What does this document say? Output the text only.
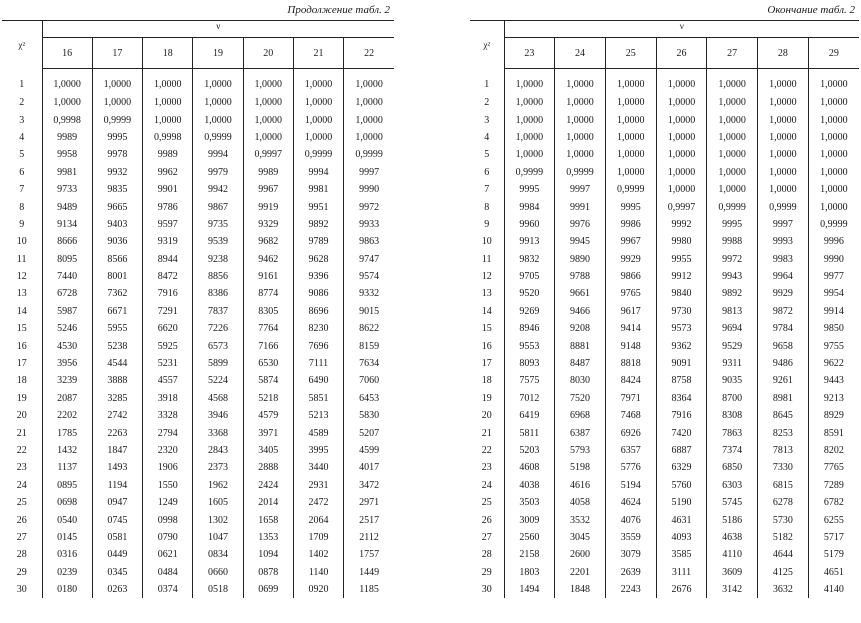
Продолжение табл. 2
χ²	ν						
	16	17	18	19	20	21	22
1	1,0000	1,0000	1,0000	1,0000	1,0000	1,0000	1,0000
2	1,0000	1,0000	1,0000	1,0000	1,0000	1,0000	1,0000
3	0,9998	0,9999	1,0000	1,0000	1,0000	1,0000	1,0000
4	9989	9995	0,9998	0,9999	1,0000	1,0000	1,0000
5	9958	9978	9989	9994	0,9997	0,9999	0,9999
6	9981	9932	9962	9979	9989	9994	9997
7	9733	9835	9901	9942	9967	9981	9990
8	9489	9665	9786	9867	9919	9951	9972
9	9134	9403	9597	9735	9329	9892	9933
10	8666	9036	9319	9539	9682	9789	9863
11	8095	8566	8944	9238	9462	9628	9747
12	7440	8001	8472	8856	9161	9396	9574
13	6728	7362	7916	8386	8774	9086	9332
14	5987	6671	7291	7837	8305	8696	9015
15	5246	5955	6620	7226	7764	8230	8622
16	4530	5238	5925	6573	7166	7696	8159
17	3956	4544	5231	5899	6530	7111	7634
18	3239	3888	4557	5224	5874	6490	7060
19	2087	3285	3918	4568	5218	5851	6453
20	2202	2742	3328	3946	4579	5213	5830
21	1785	2263	2794	3368	3971	4589	5207
22	1432	1847	2320	2843	3405	3995	4599
23	1137	1493	1906	2373	2888	3440	4017
24	0895	1194	1550	1962	2424	2931	3472
25	0698	0947	1249	1605	2014	2472	2971
26	0540	0745	0998	1302	1658	2064	2517
27	0145	0581	0790	1047	1353	1709	2112
28	0316	0449	0621	0834	1094	1402	1757
29	0239	0345	0484	0660	0878	1140	1449
30	0180	0263	0374	0518	0699	0920	1185
Окончание табл. 2
χ²	ν						
	23	24	25	26	27	28	29
1	1,0000	1,0000	1,0000	1,0000	1,0000	1,0000	1,0000
2	1,0000	1,0000	1,0000	1,0000	1,0000	1,0000	1,0000
3	1,0000	1,0000	1,0000	1,0000	1,0000	1,0000	1,0000
4	1,0000	1,0000	1,0000	1,0000	1,0000	1,0000	1,0000
5	1,0000	1,0000	1,0000	1,0000	1,0000	1,0000	1,0000
6	0,9999	0,9999	1,0000	1,0000	1,0000	1,0000	1,0000
7	9995	9997	0,9999	1,0000	1,0000	1,0000	1,0000
8	9984	9991	9995	0,9997	0,9999	0,9999	1,0000
9	9960	9976	9986	9992	9995	9997	0,9999
10	9913	9945	9967	9980	9988	9993	9996
11	9832	9890	9929	9955	9972	9983	9990
12	9705	9788	9866	9912	9943	9964	9977
13	9520	9661	9765	9840	9892	9929	9954
14	9269	9466	9617	9730	9813	9872	9914
15	8946	9208	9414	9573	9694	9784	9850
16	9553	8881	9148	9362	9529	9658	9755
17	8093	8487	8818	9091	9311	9486	9622
18	7575	8030	8424	8758	9035	9261	9443
19	7012	7520	7971	8364	8700	8981	9213
20	6419	6968	7468	7916	8308	8645	8929
21	5811	6387	6926	7420	7863	8253	8591
22	5203	5793	6357	6887	7374	7813	8202
23	4608	5198	5776	6329	6850	7330	7765
24	4038	4616	5194	5760	6303	6815	7289
25	3503	4058	4624	5190	5745	6278	6782
26	3009	3532	4076	4631	5186	5730	6255
27	2560	3045	3559	4093	4638	5182	5717
28	2158	2600	3079	3585	4110	4644	5179
29	1803	2201	2639	3111	3609	4125	4651
30	1494	1848	2243	2676	3142	3632	4140
